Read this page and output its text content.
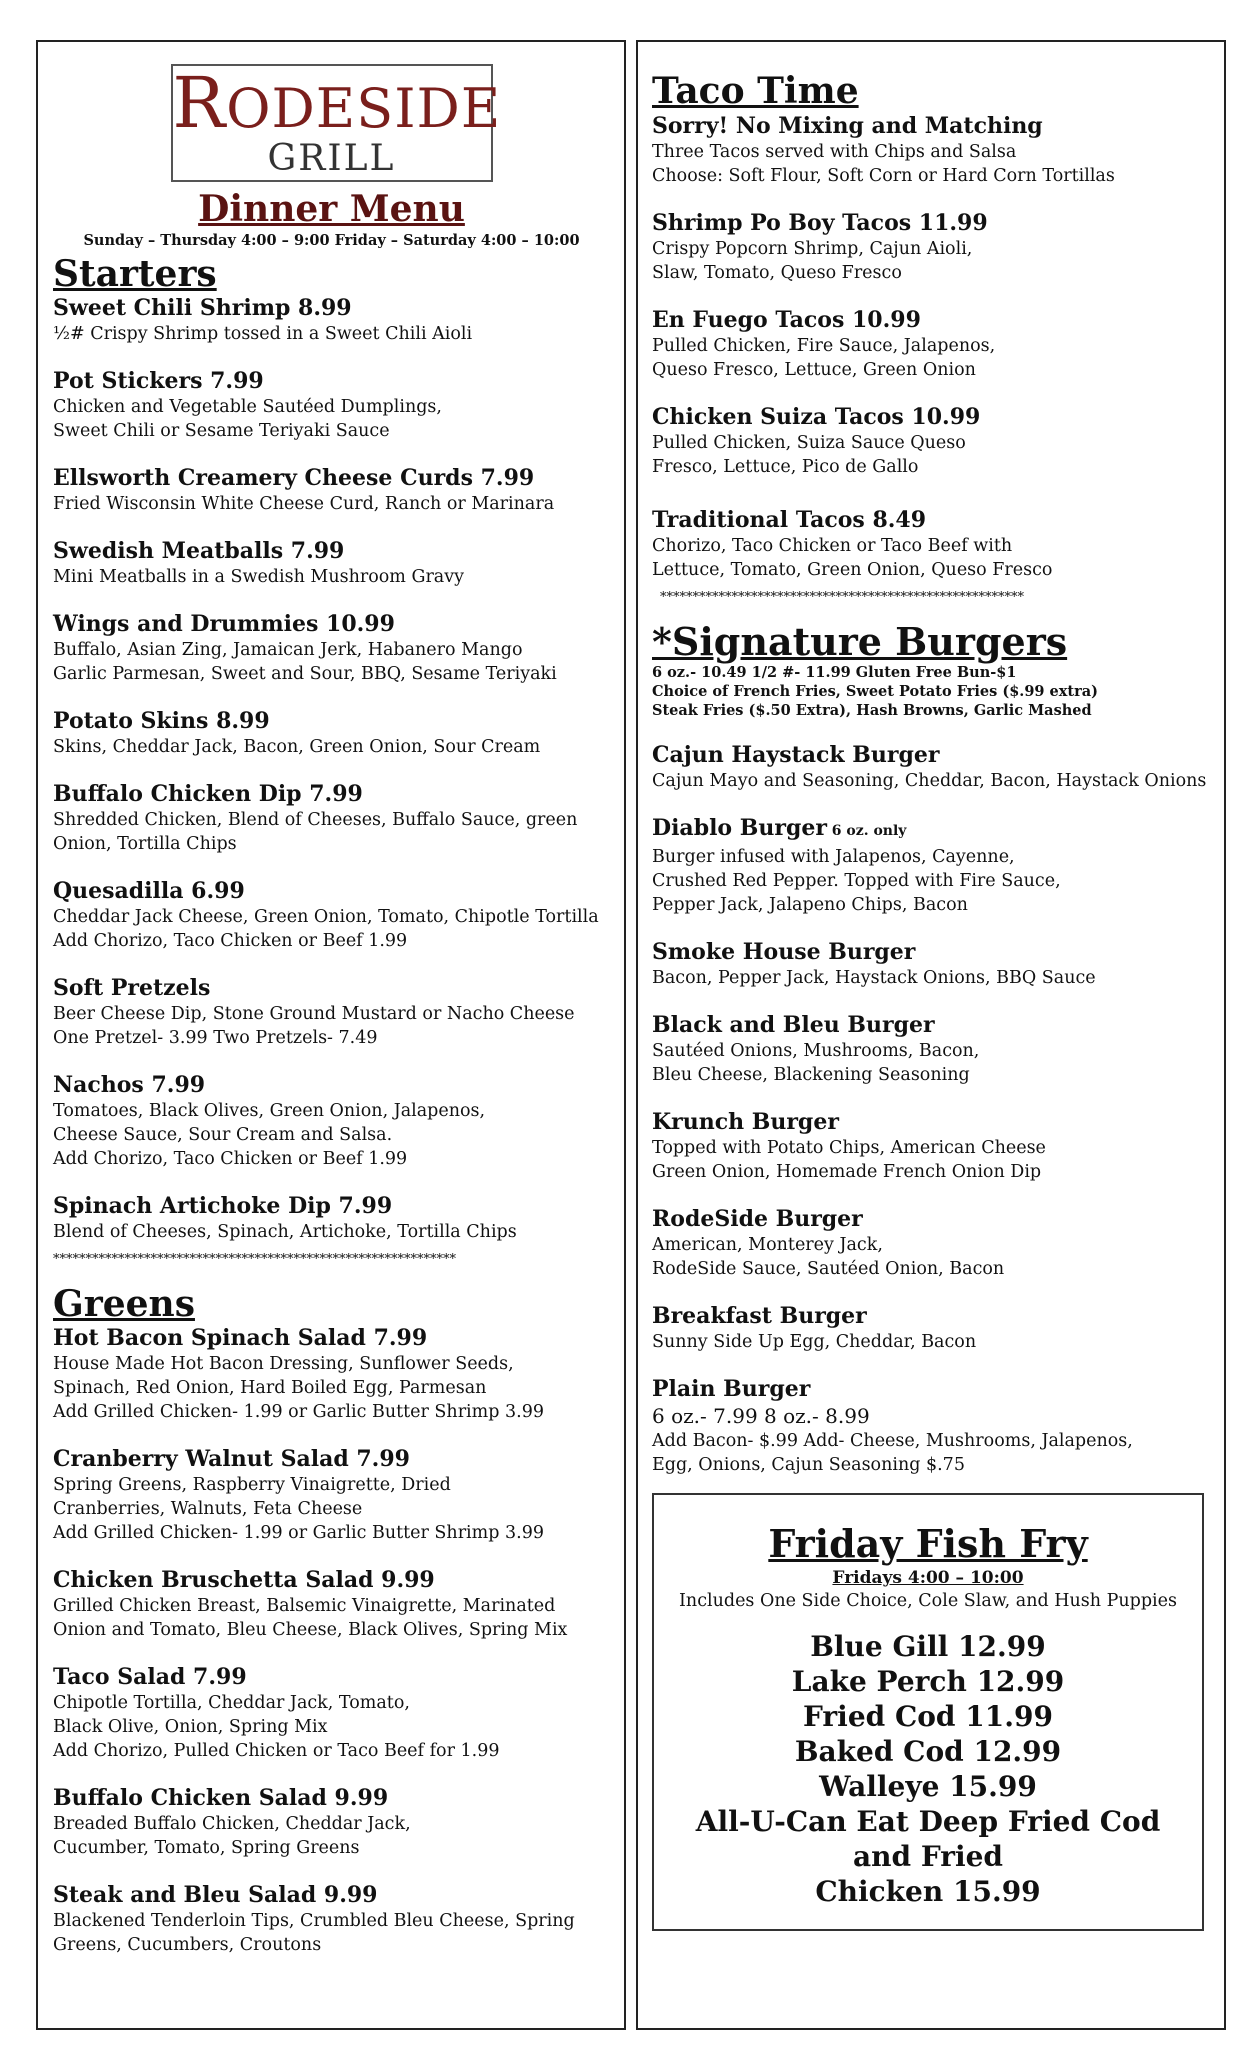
RODESIDE
GRILL
Dinner Menu
Sunday – Thursday 4:00 – 9:00 Friday – Saturday 4:00 – 10:00
Starters
Sweet Chili Shrimp 8.99
½# Crispy Shrimp tossed in a Sweet Chili Aioli
Pot Stickers 7.99
Chicken and Vegetable Sautéed Dumplings,
Sweet Chili or Sesame Teriyaki Sauce
Ellsworth Creamery Cheese Curds 7.99
Fried Wisconsin White Cheese Curd, Ranch or Marinara
Swedish Meatballs 7.99
Mini Meatballs in a Swedish Mushroom Gravy
Wings and Drummies 10.99
Buffalo, Asian Zing, Jamaican Jerk, Habanero Mango
Garlic Parmesan, Sweet and Sour, BBQ, Sesame Teriyaki
Potato Skins 8.99
Skins, Cheddar Jack, Bacon, Green Onion, Sour Cream
Buffalo Chicken Dip 7.99
Shredded Chicken, Blend of Cheeses, Buffalo Sauce, green
Onion, Tortilla Chips
Quesadilla 6.99
Cheddar Jack Cheese, Green Onion, Tomato, Chipotle Tortilla
Add Chorizo, Taco Chicken or Beef 1.99
Soft Pretzels
Beer Cheese Dip, Stone Ground Mustard or Nacho Cheese
One Pretzel- 3.99 Two Pretzels- 7.49
Nachos 7.99
Tomatoes, Black Olives, Green Onion, Jalapenos,
Cheese Sauce, Sour Cream and Salsa.
Add Chorizo, Taco Chicken or Beef 1.99
Spinach Artichoke Dip 7.99
Blend of Cheeses, Spinach, Artichoke, Tortilla Chips
**************************************************************
Greens
Hot Bacon Spinach Salad 7.99
House Made Hot Bacon Dressing, Sunflower Seeds,
Spinach, Red Onion, Hard Boiled Egg, Parmesan
Add Grilled Chicken- 1.99 or Garlic Butter Shrimp 3.99
Cranberry Walnut Salad 7.99
Spring Greens, Raspberry Vinaigrette, Dried
Cranberries, Walnuts, Feta Cheese
Add Grilled Chicken- 1.99 or Garlic Butter Shrimp 3.99
Chicken Bruschetta Salad 9.99
Grilled Chicken Breast, Balsemic Vinaigrette, Marinated
Onion and Tomato, Bleu Cheese, Black Olives, Spring Mix
Taco Salad 7.99
Chipotle Tortilla, Cheddar Jack, Tomato,
Black Olive, Onion, Spring Mix
Add Chorizo, Pulled Chicken or Taco Beef for 1.99
Buffalo Chicken Salad 9.99
Breaded Buffalo Chicken, Cheddar Jack,
Cucumber, Tomato, Spring Greens
Steak and Bleu Salad 9.99
Blackened Tenderloin Tips, Crumbled Bleu Cheese, Spring
Greens, Cucumbers, Croutons
Taco Time
Sorry! No Mixing and Matching
Three Tacos served with Chips and Salsa
Choose: Soft Flour, Soft Corn or Hard Corn Tortillas
Shrimp Po Boy Tacos 11.99
Crispy Popcorn Shrimp, Cajun Aioli,
Slaw, Tomato, Queso Fresco
En Fuego Tacos 10.99
Pulled Chicken, Fire Sauce, Jalapenos,
Queso Fresco, Lettuce, Green Onion
Chicken Suiza Tacos 10.99
Pulled Chicken, Suiza Sauce Queso
Fresco, Lettuce, Pico de Gallo
Traditional Tacos 8.49
Chorizo, Taco Chicken or Taco Beef with
Lettuce, Tomato, Green Onion, Queso Fresco
********************************************************
*Signature Burgers
6 oz.- 10.49 1/2 #- 11.99 Gluten Free Bun-$1
Choice of French Fries, Sweet Potato Fries ($.99 extra)
Steak Fries ($.50 Extra), Hash Browns, Garlic Mashed
Cajun Haystack Burger
Cajun Mayo and Seasoning, Cheddar, Bacon, Haystack Onions
Diablo Burger 6 oz. only
Burger infused with Jalapenos, Cayenne,
Crushed Red Pepper. Topped with Fire Sauce,
Pepper Jack, Jalapeno Chips, Bacon
Smoke House Burger
Bacon, Pepper Jack, Haystack Onions, BBQ Sauce
Black and Bleu Burger
Sautéed Onions, Mushrooms, Bacon,
Bleu Cheese, Blackening Seasoning
Krunch Burger
Topped with Potato Chips, American Cheese
Green Onion, Homemade French Onion Dip
RodeSide Burger
American, Monterey Jack,
RodeSide Sauce, Sautéed Onion, Bacon
Breakfast Burger
Sunny Side Up Egg, Cheddar, Bacon
Plain Burger
6 oz.- 7.99 8 oz.- 8.99
Add Bacon- $.99 Add- Cheese, Mushrooms, Jalapenos,
Egg, Onions, Cajun Seasoning $.75
Friday Fish Fry
Fridays 4:00 – 10:00
Includes One Side Choice, Cole Slaw, and Hush Puppies
Blue Gill 12.99
Lake Perch 12.99
Fried Cod 11.99
Baked Cod 12.99
Walleye 15.99
All-U-Can Eat Deep Fried Cod and Fried
Chicken 15.99
